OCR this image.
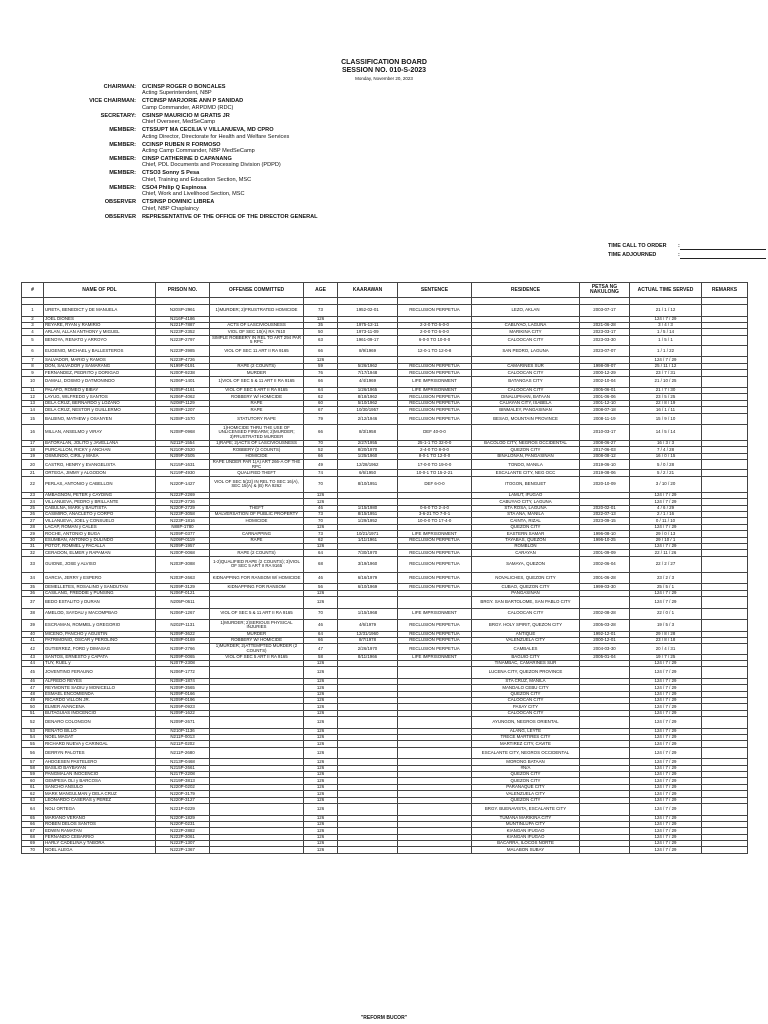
CLASSIFICATION BOARD
SESSION NO. 010-S-2023
Monday, November 20, 2023
CHAIRMAN:	C/CINSP ROGER O BONCALES
Acting Superintendent, NBP
VICE CHAIRMAN:	CTCINSP MARJORIE ANN P SANIDAD
Camp Commander, ARPDMD (RDC)
SECRETARY:	CSINSP MAURICIO M GRATIS JR
Chief Overseer, MedSeCamp
MEMBER:	CTSSUPT MA CECILIA V VILLANUEVA, MD CPRO
Acting Director, Directorate for Health and Welfare Services
MEMBER:	CCINSP RUBEN R FORMOSO
Acting Camp Commander, NBP MedSeCamp
MEMBER:	CINSP CATHERINE D CAPANANG
Chief, PDL Documents and Processing Division (PDPD)
MEMBER:	CTSO3 Sonny S Pesa
Chief, Training and Education Section, MSC
MEMBER:	CSO4 Philip Q Espinosa
Chief, Work and Livelihood Section, MSC
OBSERVER	CTSINSP DOMINIC LIBREA
Chief, NBP Chaplaincy
OBSERVER	REPRESENTATIVE OF THE OFFICE OF THE DIRECTOR GENERAL
TIME CALL TO ORDER	:
TIME ADJOURNED	:
#	NAME OF PDL	PRISON NO.	OFFENSE COMMITTED	AGE	KAARAWAN	SENTENCE	RESIDENCE	PETSA NG NAKULONG	ACTUAL TIME SERVED	REMARKS

1	URETA, BENEDICT y DE MANUELA	N20SP-2961	1)MURDER; 2)FRUSTRATED HOMICIDE	73	1952-02-01	RECLUSION PERPETUA	LEZO, AKLAN	2003-07-17	21 / 1 / 12	
2	JOEL DIONES	N216P-4186		126					124 / 7 / 29	
3	REYARE, RYAN y RAMIRIO	N221P-7887	ACTS OF LASCIVIOUSNESS	35	1975-12-11	2-2-0 TO 6-0-0	CABUYAO, LAGUNA	2021-06-28	3 / 4 / 3	
4	ARLAN, ALLAN ANTHONY y MIGUEL	N223P-2352	VIOL OF SEC 10(A) RA 7610	50	1973-11-09	2-0-0 TO 6-0-0	MARIKINA CITY	2023-03-17	1 / 5 / 14	
5	BENOYA, RENATO y ARROYO	N223P-2797	SIMPLE ROBBERY IN REL TO ART 294 PAR 5 RPC	63	1961-09-17	6-0-0 TO 10-0-0	CALOOCAN CITY	2023-03-30	1 / 5 / 1	
6	EUGENIO, MICHAEL y BALLESTEROS	N223P-3985	VIOL OF SEC 11 ART II RA 9165	66	8/9/1969	12-0-1 TO 12-0-8	SAN PEDRO, LAGUNA	2023-07-07	1 / 1 / 22	
7	SALVADOR, MARIO y RAMOS	N223P-4726		126					124 / 7 / 29	
8	DON, SALVADOR y SAMARANG	N199P-0191	RAPE (2 COUNTS)	59	5/26/1962	RECLUSION PERPETUA	CAMARINES SUR	1998-09-07	25 / 11 / 12	
9	FERNANDEZ, PEDRITO y DORIGAO	N200P-9238	MURDER	76	7/17/1948	RECLUSION PERPETUA	CALOOCAN CITY	2000-12-29	23 / 7 / 31	
10	DAMALI, DOSMO y DATMONINDO	N206P-1401	1)VIOL OF SEC 5 & 11 ART II RA 9165	66	4/4/1969	LIFE IMPRISONMENT	BATANGAS CITY	2002-10-04	21 / 10 / 25	
11	PALAFO, ROMEO y BIBAY	N205P-4161	VIOL OF SEC 5 ART II RA 9165	64	1/26/1965	LIFE IMPRISONMENT	CALOOCAN CITY	2005-06-01	21 / 7 / 30	
12	LAYUG, WILFREDO y SANTOS	N206P-4062	ROBBERY W/ HOMICIDE	62	8/18/1962	RECLUSION PERPETUA	DINALUPIHAN, BATAAN	2001-06-06	23 / 5 / 25	
13	DELA CRUZ, BERNARDO y LOZANO	N208P-1129	RAPE	60	5/10/1962	RECLUSION PERPETUA	CAUAYAN CITY, ISABELA	2001-12-10	22 / 8 / 19	
14	DELA CRUZ, NESTOR y GUILLERMO	N208P-1207	RAPE	67	10/30/1957	RECLUSION PERPETUA	BINMALEY, PANGASINAN	2008-07-18	16 / 1 / 11	
15	BALBINO, MATHEW y OSANYEN	N208P-1570	STATUTORY RAPE	79	2/12/1946	RECLUSION PERPETUA	BESAO, MOUNTAIN PROVINCE	2008-11-19	15 / 9 / 10	
16	MILLAN, ANSELMO y VIRAY	N208P-0968	1)HOMICIDE THRU THE USE OF UNLICENSED FIREARM; 2)MURDER; 3)FRUSTRATED MURDER	66	8/3/1958	DEF 40-0-0		2010-03-17	14 / 5 / 14	
17	BATORALAN, JOLITO y JAVELLANA	N211P-1554	1)RAPE; 2)ACTS OF LASCIVIOUSNESS	70	2/27/1955	25-1-1 TO 32-0-0	BACOLOD CITY, NEGROS OCCIDENTAL	2008-06-27	16 / 3 / 3	
18	PURCALLON, RICKY y ANCHAN	N210P-2520	ROBBERY (2 COUNTS)	52	8/20/1970	2-4-0 TO 8-0-0	QUEZON CITY	2017-06-03	7 / 4 / 28	
19	OSMUNDO, CIRIL y MASA	N209P-2505	HOMICIDE	66	1/25/1960	8-0-1 TO 12-0-0	BINALONAN, PANGASINAN	2008-08-12	16 / 0 / 15	
20	CASTRO, HENRY y EVANGELISTA	N215P-1631	RAPE UNDER PAR 1(A) ART 266-A OF THE RPC	49	12/28/1962	17-0-0 TO 19-0-0	TONDO, MANILA	2019-06-10	5 / 0 / 28	
21	ORTEGA, JIMMY y ALGODON	N219P-4930	QUALIFIED THEFT	74	6/6/1950	10-0-1 TO 15-2-21	ESCALANTE CITY, NEG OCC	2019-08-06	5 / 2 / 21	
22	PERLAS, ANTONIO y CABELLON	N220P-1427	VIOL OF SEC 5(22) IN REL TO SEC 16(A), SEC 15(A) & (B) RA 9262	70	8/10/1951	DEF 6-0-0	ITOGON, BENGUET	2020-10-09	3 / 10 / 20	
23	AMBAGNON, PETER y CAYDING	N222P-2269		126			LAMUT, IFUGAO		124 / 7 / 29	
24	VILLANUEVA, PEDRO y BRILLANTE	N222P-2726		126			CABUYAO CITY, LAGUNA		124 / 7 / 29	
25	CABULNA, MARK y BAUTISTA	N220P-2729	THEFT	46	1/15/1980	0-6-0 TO 2-4-0	STA ROSA, LAGUNA	2020-02-01	4 / 6 / 29	
26	CASIMIRO, ANACLETO y CORPO	N223P-3058	MALVERSATION OF PUBLIC PROPERTY	73	8/15/1951	3-6-21 TO 7-0-1	STA ANA, MANILA	2022-07-13	2 / 1 / 16	
27	VILLANUEVA, JOEL y CONSUELO	N223P-1816	HOMICIDE	70	1/29/1952	10-0-0 TO 17-4-0	CAINTA, RIZAL	2023-09-15	0 / 11 / 10	
28	LACAP, ROMAN y CALES	N88P-1780		126			QUEZON CITY		124 / 7 / 29	
29	ROCHE, ANTONIO y BUGA	N209P-0377	CARNAPPING	73	10/21/1971	LIFE IMPRISONMENT	EASTERN SAMAR	1996-08-10	29 / 0 / 13	
30	ESUMBAN, ANTONIO y DULINDO	N209P-0119	RAPE	62	1/11/1961	RECLUSION PERPETUA	TAYABAS, QUEZON	1996-10-25	29 / 10 / 1	
31	POTOT, ROMMEL y PACALLA	N209P-1957		126			ROMBLON		124 / 7 / 29	
32	CERADON, ELMER y RAPAMAN	N200P-0068	RAPE (2 COUNTS)	64	7/30/1970	RECLUSION PERPETUA	CARAYAN	2001-09-09	22 / 11 / 26	
33	GUIONE, JOSE y ALVISO	N203P-3088	1-2)QUALIFIED RAPE (2 COUNTS); 3)VIOL OF SEC 5 ART II RA 9165	68	3/19/1960	RECLUSION PERPETUA	SAMAYA, QUEZON	2002-06-04	22 / 2 / 27	
34	GARCIA, JERRY y ESPERO	N203P-2663	KIDNAPPING FOR RANSOM W/ HOMICIDE	46	6/16/1979	RECLUSION PERPETUA	NOVALICHES, QUEZON CITY	2001-06-28	23 / 2 / 3	
35	DEMELLETES, ROSALINO y SANDUTAN	N209P-3129	KIDNAPPING FOR RANSOM	56	6/10/1969	RECLUSION PERPETUA	CUBAO, QUEZON CITY	1999-03-30	25 / 5 / 1	
36	CASILANG, FREDDIE y PUNSING	N206P-0121		126			PANGASINAN		124 / 7 / 29	
37	BEDO ESTALITO y DURAN	N205P-0611		126			BRGY. SAN BARTOLOME, SAN PABLO CITY		124 / 7 / 29	
38	AMELOD, SAYDAU y MACOMPBAO	N206P-1267	VIOL OF SEC 5 & 11 ART II RA 9165	70	1/15/1968	LIFE IMPRISONMENT	CALOOCAN CITY	2002-08-28	22 / 0 / 1	
39	ESCRAMAN, ROMMEL y GREGORIO	N202P-1131	1)MURDER; 2)SERIOUS PHYSICAL INJURIES	46	4/6/1979	RECLUSION PERPETUA	BRGY. HOLY SPIRIT, QUEZON CITY	2005-03-28	19 / 5 / 3	
40	MICENO, PANCHO y AGUSTIN	N209P-3622	MURDER	64	12/31/1960	RECLUSION PERPETUA	ANTIQUE	1992-12-01	29 / 8 / 28	
41	PATRIMONIO, OSCAR y PEROLINO	N208P-0169	ROBBERY W/ HOMICIDE	66	8/7/1978	RECLUSION PERPETUA	VALENZUELA CITY	2000-12-01	23 / 8 / 18	
42	GUTIERREZ, FORD y DIMASAG	N209P-2766	1)MURDER; 2)ATTEMPTED MURDER (2 COUNTS)	47	2/26/1970	RECLUSION PERPETUA	CAMBALES	2004-03-30	20 / 4 / 31	
43	SANTOS, ERNESTO y CAPATA	N209P-0065	VIOL OF SEC 5 ART II RA 9165	58	8/11/1966	LIFE IMPRISONMENT	BAGUIO CITY	2005-01-04	19 / 7 / 25	
44	TUY, RUEL y	N207P-2308		126			TINAMBAC, CAMARINES SUR		124 / 7 / 29	
45	JOVENTINO FERAUNO	N206P-1772		126			LUCENA CITY, QUEZON PROVINCE		124 / 7 / 29	
46	ALFREDO REYES	N208P-1874		126			STA CRUZ, MANILA		124 / 7 / 29	
47	REYMONTE SADIU y MONICELLO	N209P-3565		126			MANDALO CEBU CITY		124 / 7 / 29	
48	ESMAEL ENCOMIENDA	N209P-0166		126			QUEZON CITY		124 / 7 / 29	
49	RICARDO VILLON JR.	N209P-0196		126			CALOOCAN CITY		124 / 7 / 29	
50	ELMER AVANCENA	N209P-0923		126			PASAY CITY		124 / 7 / 29	
51	BUTAGUIAS INOCENCIO	N209P-1622		126			CALOOCAN CITY		124 / 7 / 29	
52	DENARO COLONGON	N209P-2671		126			AYUNGON, NEGROS ORIENTAL		124 / 7 / 29	
53	RENATO BILLO	N210P-1136		126			ALANG, LEYTE		124 / 7 / 29	
54	NOEL MAGAT	N211P-0013		126			TRECE MARTIRES CITY		124 / 7 / 29	
55	RICHARD NUEVA y CARINGAL	N211P-0202		126			MARTIREZ CITY, CAVITE		124 / 7 / 29	
56	DERRYN PALOTES	N211P-2680		126			ESCALANTE CITY, NEGROS OCCIDENTAL		124 / 7 / 29	
57	AHDGESEN PASTELERO	N213P-0468		126			MORONG BATAAN		124 / 7 / 29	
58	BASILIO BAYBAYAN	N215P-2661		126			#N/A		124 / 7 / 29	
59	PANGMALAN INOCENCIO	N217P-2208		126			QUEZON CITY		124 / 7 / 29	
60	GEMPESA OLI y BARCOSA	N219P-3813		126			QUEZON CITY		124 / 7 / 29	
61	SANCHO ANSULO	N220P-0202		126			PARANAQUE CITY		124 / 7 / 29	
62	MARK MANGULMAN y DELA CRUZ	N220P-3179		126			VALENZUELA CITY		124 / 7 / 29	
63	LEONARDO CASERAS y PEREZ	N220P-3127		126			QUEZON CITY		124 / 7 / 29	
64	NOLI ORTEGA	N221P-0229		126			BRGY. BUENAVISTA, ESCALANTE CITY		124 / 7 / 29	
65	MARIANO VERANO	N220P-1829		126			TUMANA MARIKINA CITY		124 / 7 / 29	
66	ROBEN DELOS SANTOS	N220P-0231		126			MUNTINLUPA CITY		124 / 7 / 29	
67	EDWIN RAMATAN	N222P-2882		126			KIANGAN IFUGAO		124 / 7 / 29	
68	FERNANDO CEBARRIO	N222P-3061		126			KIANGAN IFUGAO		124 / 7 / 29	
69	HARLY CADELINA y TABORA	N222P-1307		126			BACARRA, ILOCOS NORTE		124 / 7 / 29	
70	NOEL ALEGA	N222P-1367		126			MALABON SUBAY		124 / 7 / 29	
"REFORM BUCOR"
